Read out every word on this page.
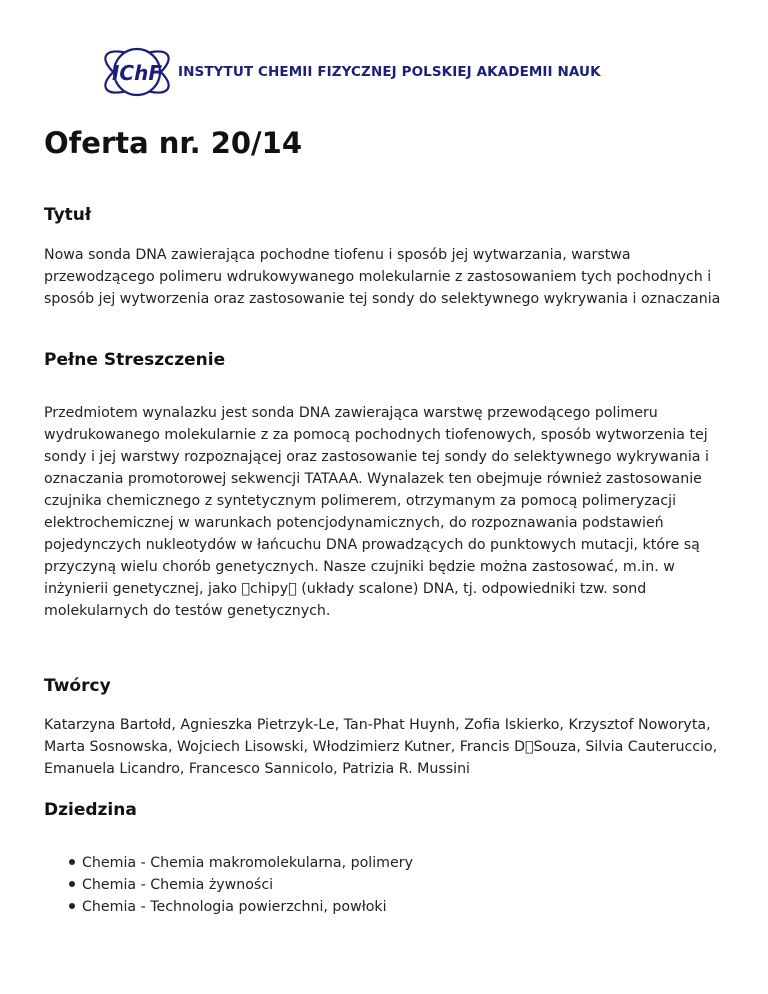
IChF INSTYTUT CHEMII FIZYCZNEJ POLSKIEJ AKADEMII NAUK
Oferta nr. 20/14
Tytuł

Nowa sonda DNA zawierająca pochodne tiofenu i sposób jej wytwarzania, warstwa przewodzącego polimeru wdrukowywanego molekularnie z zastosowaniem tych pochodnych i sposób jej wytworzenia oraz zastosowanie tej sondy do selektywnego wykrywania i oznaczania

Pełne Streszczenie

Przedmiotem wynalazku jest sonda DNA zawierająca warstwę przewodącego polimeru wydrukowanego molekularnie z za pomocą pochodnych tiofenowych, sposób wytworzenia tej sondy i jej warstwy rozpoznającej oraz zastosowanie tej sondy do selektywnego wykrywania i oznaczania promotorowej sekwencji TATAAA. Wynalazek ten obejmuje również zastosowanie czujnika chemicznego z syntetycznym polimerem, otrzymanym za pomocą polimeryzacji elektrochemicznej w warunkach potencjodynamicznych, do rozpoznawania podstawień pojedynczych nukleotydów w łańcuchu DNA prowadzących do punktowych mutacji, które są przyczyną wielu chorób genetycznych. Nasze czujniki będzie można zastosować, m.in. w inżynierii genetycznej, jako  chipy  (układy scalone) DNA, tj. odpowiedniki tzw. sond molekularnych do testów genetycznych.

Twórcy

Katarzyna Bartołd, Agnieszka Pietrzyk-Le, Tan-Phat Huynh, Zofia Iskierko, Krzysztof Noworyta, Marta Sosnowska, Wojciech Lisowski, Włodzimierz Kutner, Francis D Souza, Silvia Cauteruccio, Emanuela Licandro, Francesco Sannicolo, Patrizia R. Mussini

Dziedzina
Chemia - Chemia makromolekularna, polimery
Chemia - Chemia żywności
Chemia - Technologia powierzchni, powłoki
